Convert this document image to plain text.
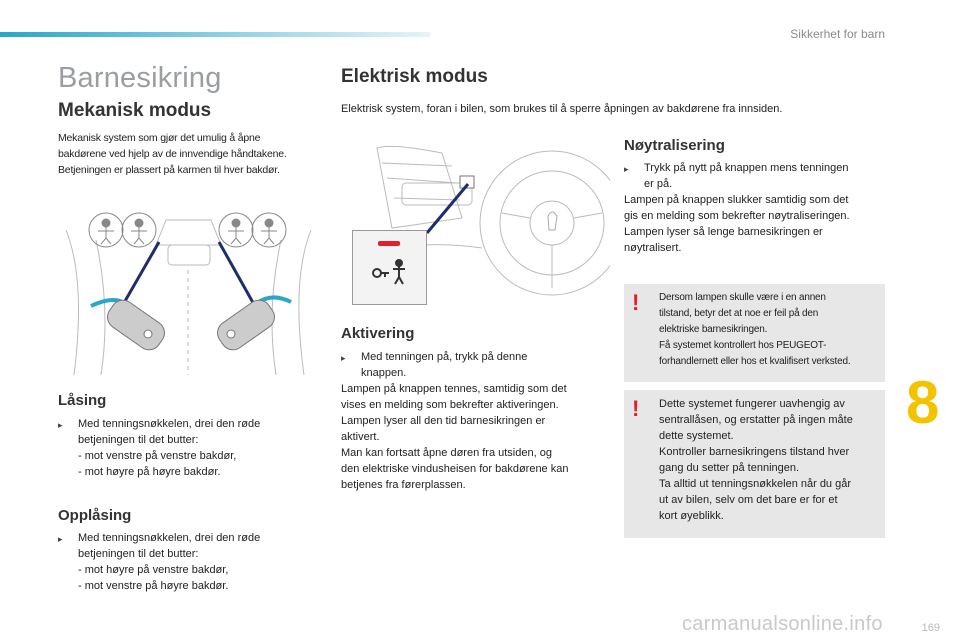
Sikkerhet for barn
Barnesikring
Mekanisk modus
Mekanisk system som gjør det umulig å åpne
bakdørene ved hjelp av de innvendige håndtakene.
Betjeningen er plassert på karmen til hver bakdør.
Låsing
▸	Med tenningsnøkkelen, drei den røde
betjeningen til det butter:
- mot venstre på venstre bakdør,
- mot høyre på høyre bakdør.
Opplåsing
▸	Med tenningsnøkkelen, drei den røde
betjeningen til det butter:
- mot høyre på venstre bakdør,
- mot venstre på høyre bakdør.
Elektrisk modus
Elektrisk system, foran i bilen, som brukes til å sperre åpningen av bakdørene fra innsiden.
Aktivering
▸	Med tenningen på, trykk på denne
knappen.
Lampen på knappen tennes, samtidig som det
vises en melding som bekrefter aktiveringen.
Lampen lyser all den tid barnesikringen er
aktivert.
Man kan fortsatt åpne døren fra utsiden, og
den elektriske vindusheisen for bakdørene kan
betjenes fra førerplassen.
Nøytralisering
▸	Trykk på nytt på knappen mens tenningen
er på.
Lampen på knappen slukker samtidig som det
gis en melding som bekrefter nøytraliseringen.
Lampen lyser så lenge barnesikringen er
nøytralisert.
! Dersom lampen skulle være i en annen
tilstand, betyr det at noe er feil på den
elektriske barnesikringen.
Få systemet kontrollert hos PEUGEOT-
forhandlernett eller hos et kvalifisert verksted.
! Dette systemet fungerer uavhengig av
sentrallåsen, og erstatter på ingen måte
dette systemet.
Kontroller barnesikringens tilstand hver
gang du setter på tenningen.
Ta alltid ut tenningsnøkkelen når du går
ut av bilen, selv om det bare er for et
kort øyeblikk.
8
169
carmanualsonline.info
